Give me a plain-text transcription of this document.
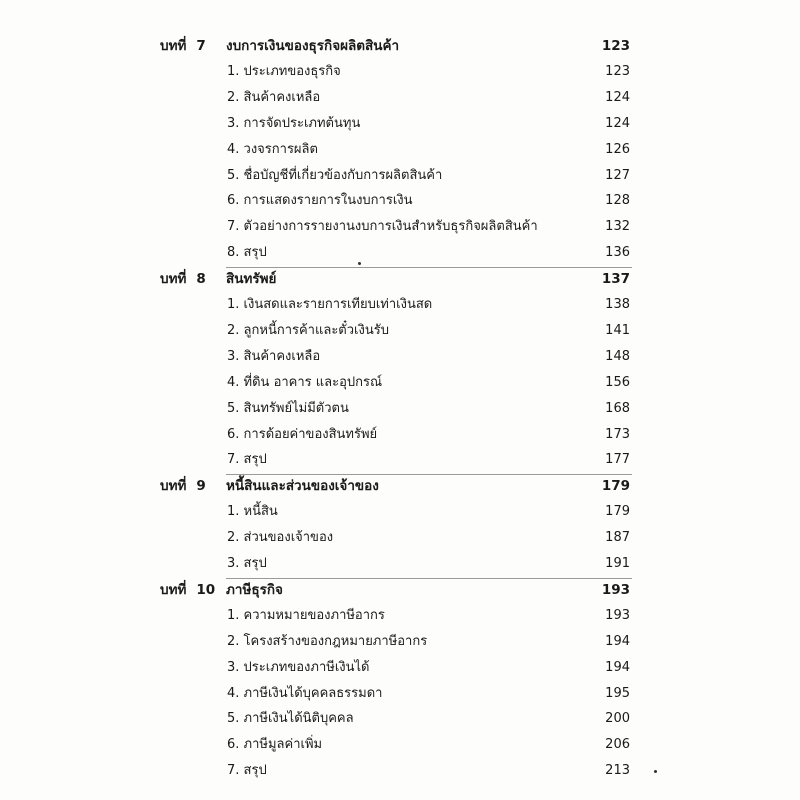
บทที่ 7 งบการเงินของธุรกิจผลิตสินค้า	123
1. ประเภทของธุรกิจ	123
2. สินค้าคงเหลือ	124
3. การจัดประเภทต้นทุน	124
4. วงจรการผลิต	126
5. ชื่อบัญชีที่เกี่ยวข้องกับการผลิตสินค้า	127
6. การแสดงรายการในงบการเงิน	128
7. ตัวอย่างการรายงานงบการเงินสำหรับธุรกิจผลิตสินค้า	132
8. สรุป	136
บทที่ 8 สินทรัพย์	137
1. เงินสดและรายการเทียบเท่าเงินสด	138
2. ลูกหนี้การค้าและตั๋วเงินรับ	141
3. สินค้าคงเหลือ	148
4. ที่ดิน อาคาร และอุปกรณ์	156
5. สินทรัพย์ไม่มีตัวตน	168
6. การด้อยค่าของสินทรัพย์	173
7. สรุป	177
บทที่ 9 หนี้สินและส่วนของเจ้าของ	179
1. หนี้สิน	179
2. ส่วนของเจ้าของ	187
3. สรุป	191
บทที่ 10 ภาษีธุรกิจ	193
1. ความหมายของภาษีอากร	193
2. โครงสร้างของกฎหมายภาษีอากร	194
3. ประเภทของภาษีเงินได้	194
4. ภาษีเงินได้บุคคลธรรมดา	195
5. ภาษีเงินได้นิติบุคคล	200
6. ภาษีมูลค่าเพิ่ม	206
7. สรุป	213
